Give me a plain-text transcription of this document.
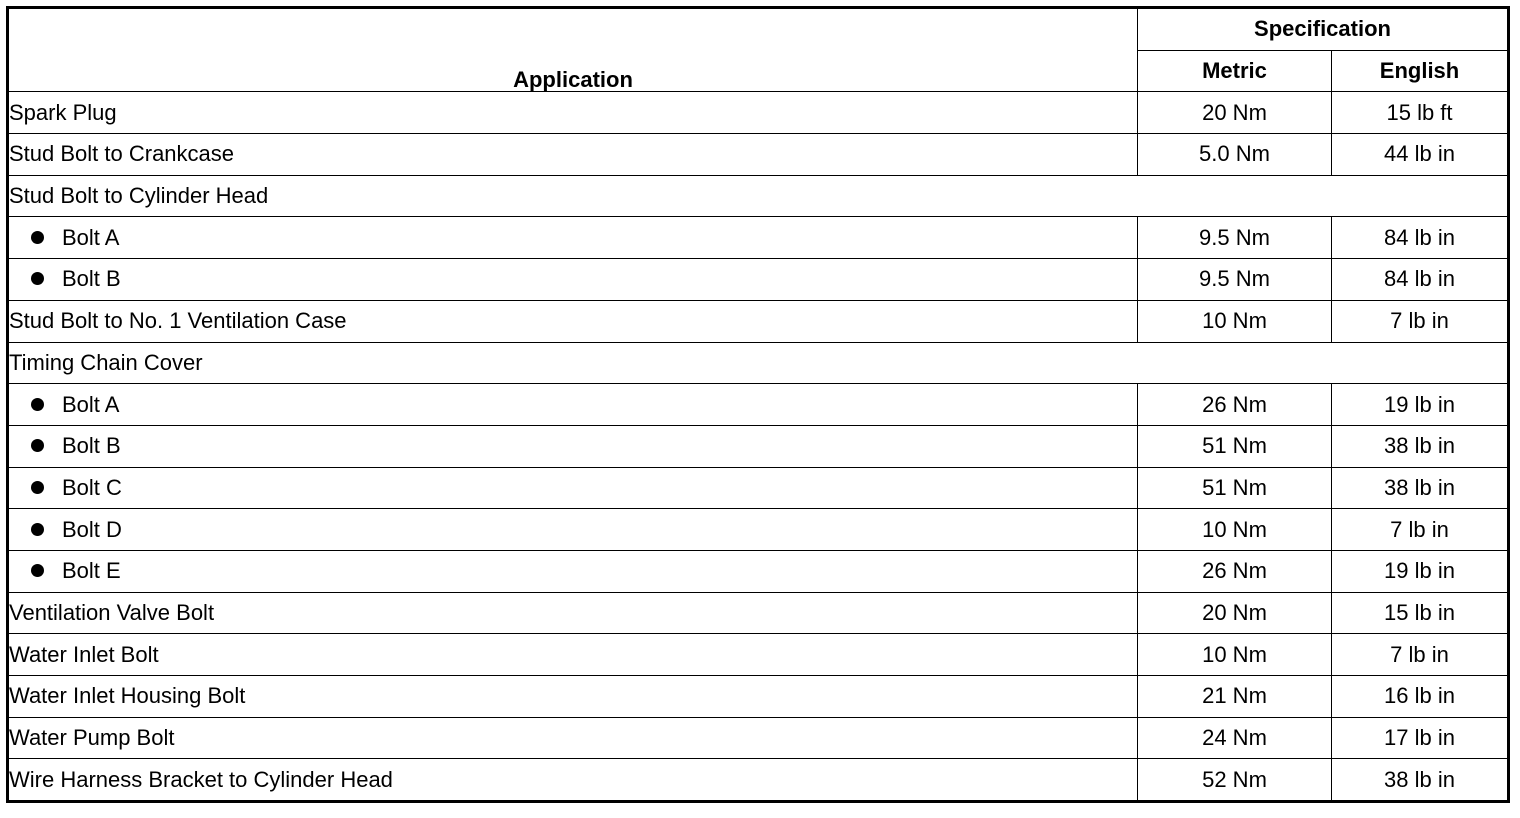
Application	Specification	
	Metric	English
Spark Plug	20 Nm	15 lb ft
Stud Bolt to Crankcase	5.0 Nm	44 lb in
Stud Bolt to Cylinder Head		
Bolt A	9.5 Nm	84 lb in
Bolt B	9.5 Nm	84 lb in
Stud Bolt to No. 1 Ventilation Case	10 Nm	7 lb in
Timing Chain Cover		
Bolt A	26 Nm	19 lb in
Bolt B	51 Nm	38 lb in
Bolt C	51 Nm	38 lb in
Bolt D	10 Nm	7 lb in
Bolt E	26 Nm	19 lb in
Ventilation Valve Bolt	20 Nm	15 lb in
Water Inlet Bolt	10 Nm	7 lb in
Water Inlet Housing Bolt	21 Nm	16 lb in
Water Pump Bolt	24 Nm	17 lb in
Wire Harness Bracket to Cylinder Head	52 Nm	38 lb in
